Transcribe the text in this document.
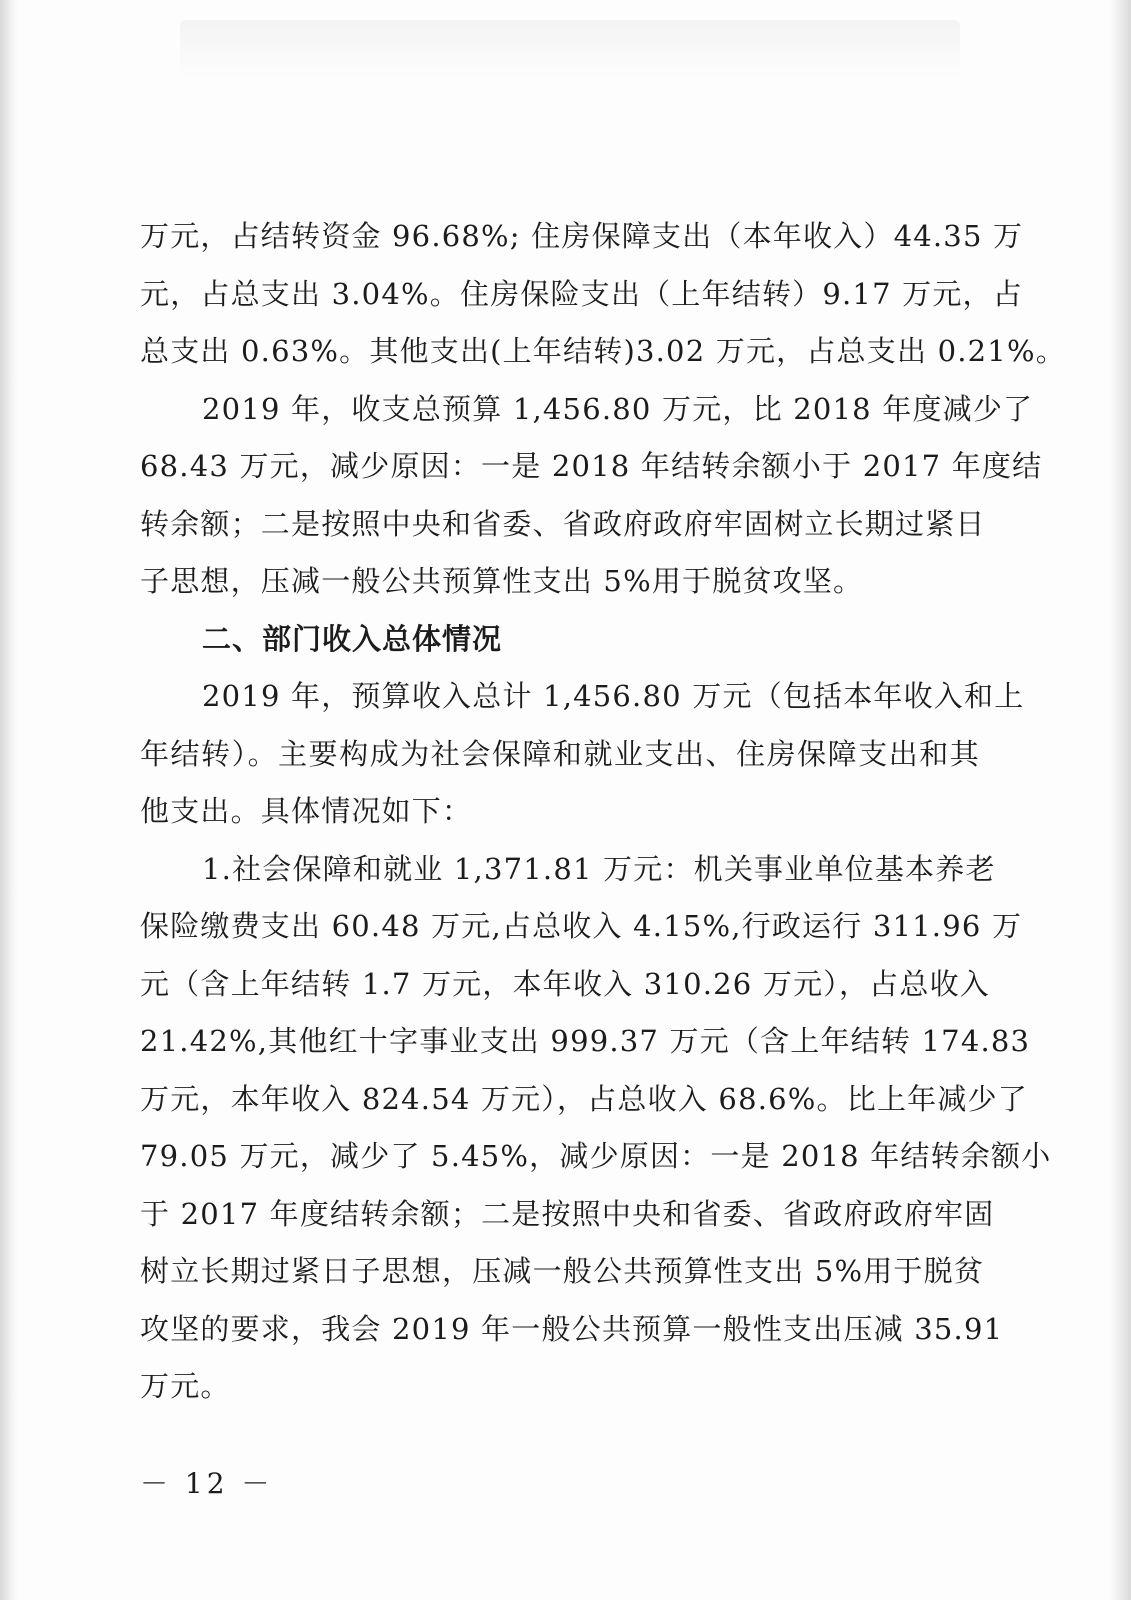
万元，占结转资金 96.68%; 住房保障支出（本年收入）44.35 万
元，占总支出 3.04%。住房保险支出（上年结转）9.17 万元，占
总支出 0.63%。其他支出(上年结转)3.02 万元，占总支出 0.21%。
2019 年，收支总预算 1,456.80 万元，比 2018 年度减少了
68.43 万元，减少原因：一是 2018 年结转余额小于 2017 年度结
转余额；二是按照中央和省委、省政府政府牢固树立长期过紧日
子思想，压减一般公共预算性支出 5%用于脱贫攻坚。
二、部门收入总体情况
2019 年，预算收入总计 1,456.80 万元（包括本年收入和上
年结转）。主要构成为社会保障和就业支出、住房保障支出和其
他支出。具体情况如下：
1.社会保障和就业 1,371.81 万元：机关事业单位基本养老
保险缴费支出 60.48 万元,占总收入 4.15%,行政运行 311.96 万
元（含上年结转 1.7 万元，本年收入 310.26 万元），占总收入
21.42%,其他红十字事业支出 999.37 万元（含上年结转 174.83
万元，本年收入 824.54 万元），占总收入 68.6%。比上年减少了
79.05 万元，减少了 5.45%，减少原因：一是 2018 年结转余额小
于 2017 年度结转余额；二是按照中央和省委、省政府政府牢固
树立长期过紧日子思想，压减一般公共预算性支出 5%用于脱贫
攻坚的要求，我会 2019 年一般公共预算一般性支出压减 35.91
万元。
－ 12 －
